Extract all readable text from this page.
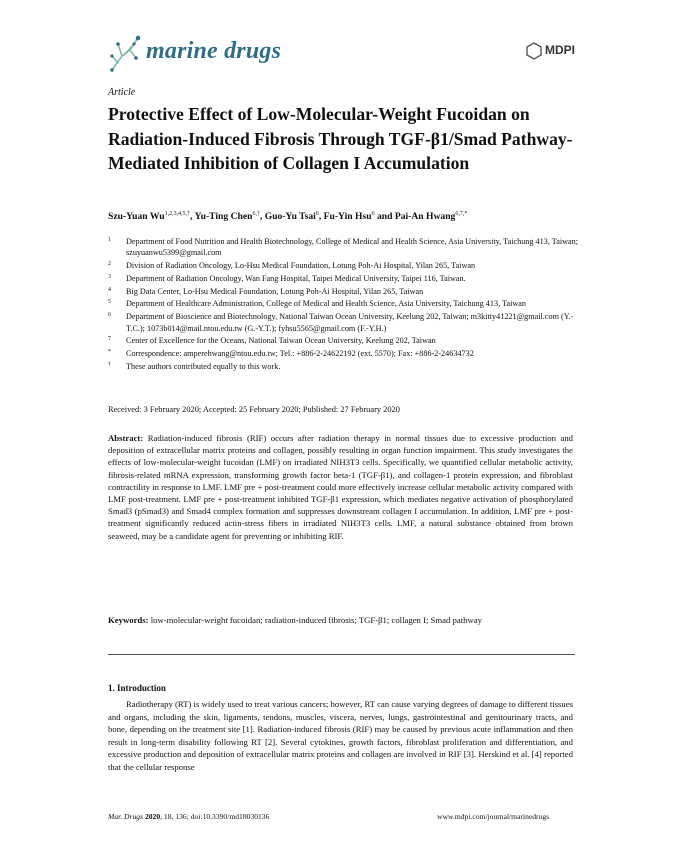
marine drugs	MDPI
Article
Protective Effect of Low-Molecular-Weight Fucoidan on Radiation-Induced Fibrosis Through TGF-β1/Smad Pathway-Mediated Inhibition of Collagen I Accumulation
Szu-Yuan $Wu^{1,2,3,4,5,\dagger}$, Yu-Ting Chen$^{6,\dagger}$, Guo-Yu Tsai$^6$, Fu-Yin Hsu$^6$ and Pai-An Hwang$^{6,7,*}$
1 Department of Food Nutrition and Health Biotechnology, College of Medical and Health Science, Asia University, Taichung 413, Taiwan; szuyuanwu5399@gmail.com
2 Division of Radiation Oncology, Lo-Hsu Medical Foundation, Lotung Poh-Ai Hospital, Yilan 265, Taiwan
3 Department of Radiation Oncology, Wan Fang Hospital, Taipei Medical University, Taipei 116, Taiwan.
4 Big Data Center, Lo-Hsu Medical Foundation, Lotung Poh-Ai Hospital, Yilan 265, Taiwan
5 Department of Healthcare Administration, College of Medical and Health Science, Asia University, Taichung 413, Taiwan
6 Department of Bioscience and Biotechnology, National Taiwan Ocean University, Keelung 202, Taiwan; m3kitty41221@gmail.com (Y.-T.C.); 1073b014@mail.ntou.edu.tw (G.-Y.T.); fyhsu5565@gmail.com (F.-Y.H.)
7 Center of Excellence for the Oceans, National Taiwan Ocean University, Keelung 202, Taiwan
* Correspondence: amperehwang@ntou.edu.tw; Tel.: +886-2-24622192 (ext. 5570); Fax: +886-2-24634732
† These authors contributed equally to this work.
Received: 3 February 2020; Accepted: 25 February 2020; Published: 27 February 2020
Abstract: Radiation-induced fibrosis (RIF) occurs after radiation therapy in normal tissues due to excessive production and deposition of extracellular matrix proteins and collagen, possibly resulting in organ function impairment. This study investigates the effects of low-molecular-weight fucoidan (LMF) on irradiated NIH3T3 cells. Specifically, we quantified cellular metabolic activity, fibrosis-related mRNA expression, transforming growth factor beta-1 (TGF-β1), and collagen-1 protein expression, and fibroblast contractility in response to LMF. LMF pre + post-treatment could more effectively increase cellular metabolic activity compared with LMF post-treatment. LMF pre + post-treatment inhibited TGF-β1 expression, which mediates negative activation of phosphorylated Smad3 (pSmad3) and Smad4 complex formation and suppresses downstream collagen I accumulation. In addition, LMF pre + post-treatment significantly reduced actin-stress fibers in irradiated NIH3T3 cells. LMF, a natural substance obtained from brown seaweed, may be a candidate agent for preventing or inhibiting RIF.
Keywords: low-molecular-weight fucoidan; radiation-induced fibrosis; TGF-β1; collagen I; Smad pathway
1. Introduction
Radiotherapy (RT) is widely used to treat various cancers; however, RT can cause varying degrees of damage to different tissues and organs, including the skin, ligaments, tendons, muscles, viscera, nerves, lungs, gastrointestinal and genitourinary tracts, and bone, depending on the treatment site [1]. Radiation-induced fibrosis (RIF) may be caused by previous acute inflammation and then result in long-term disability following RT [2]. Several cytokines, growth factors, fibroblast proliferation and differentiation, and excessive production and deposition of extracellular matrix proteins and collagen are involved in RIF [3]. Herskind et al. [4] reported that the cellular response
Mar. Drugs 2020, 18, 136; doi:10.3390/md18030136	www.mdpi.com/journal/marinedrugs
